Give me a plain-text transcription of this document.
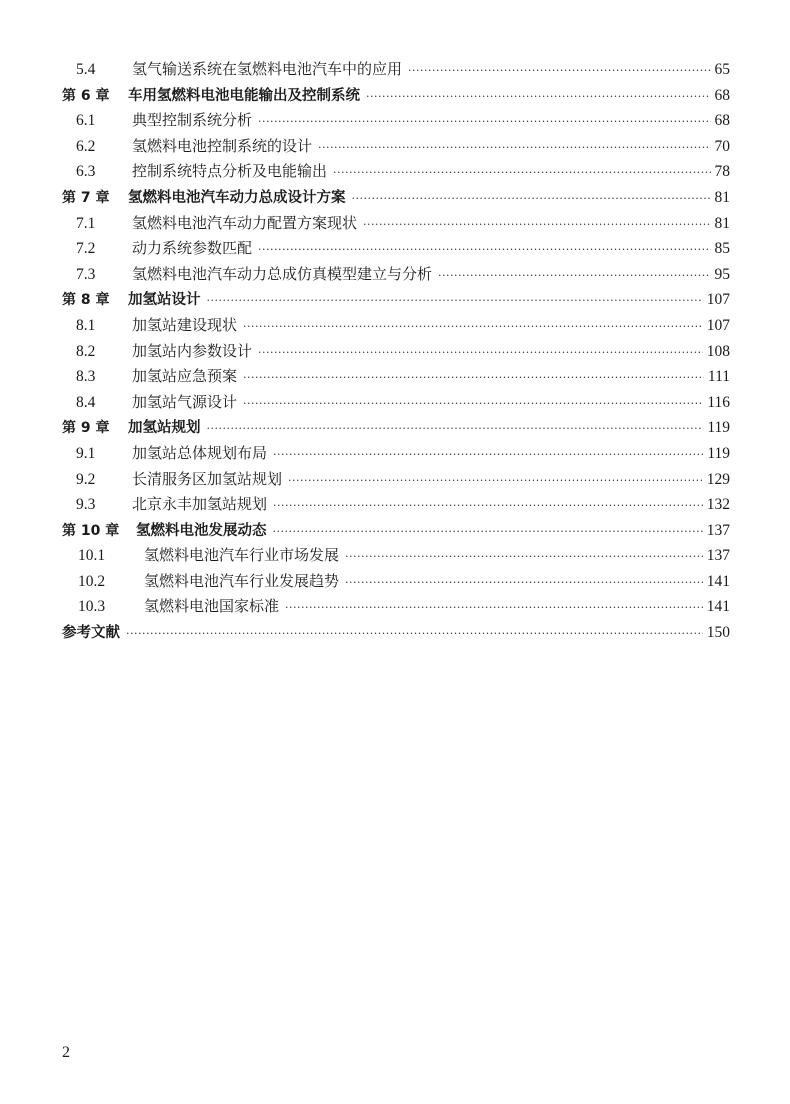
5.4	氢气输送系统在氢燃料电池汽车中的应用 ·····	65
第 6 章	车用氢燃料电池电能输出及控制系统 ·····	68
6.1	典型控制系统分析 ·····	68
6.2	氢燃料电池控制系统的设计 ·····	70
6.3	控制系统特点分析及电能输出 ·····	78
第 7 章	氢燃料电池汽车动力总成设计方案 ·····	81
7.1	氢燃料电池汽车动力配置方案现状 ·····	81
7.2	动力系统参数匹配 ·····	85
7.3	氢燃料电池汽车动力总成仿真模型建立与分析 ·····	95
第 8 章	加氢站设计 ·····	107
8.1	加氢站建设现状 ·····	107
8.2	加氢站内参数设计 ·····	108
8.3	加氢站应急预案 ·····	111
8.4	加氢站气源设计 ·····	116
第 9 章	加氢站规划 ·····	119
9.1	加氢站总体规划布局 ·····	119
9.2	长清服务区加氢站规划 ·····	129
9.3	北京永丰加氢站规划 ·····	132
第 10 章	氢燃料电池发展动态 ·····	137
10.1	氢燃料电池汽车行业市场发展 ·····	137
10.2	氢燃料电池汽车行业发展趋势 ·····	141
10.3	氢燃料电池国家标准 ·····	141
参考文献 ·····	150
2
